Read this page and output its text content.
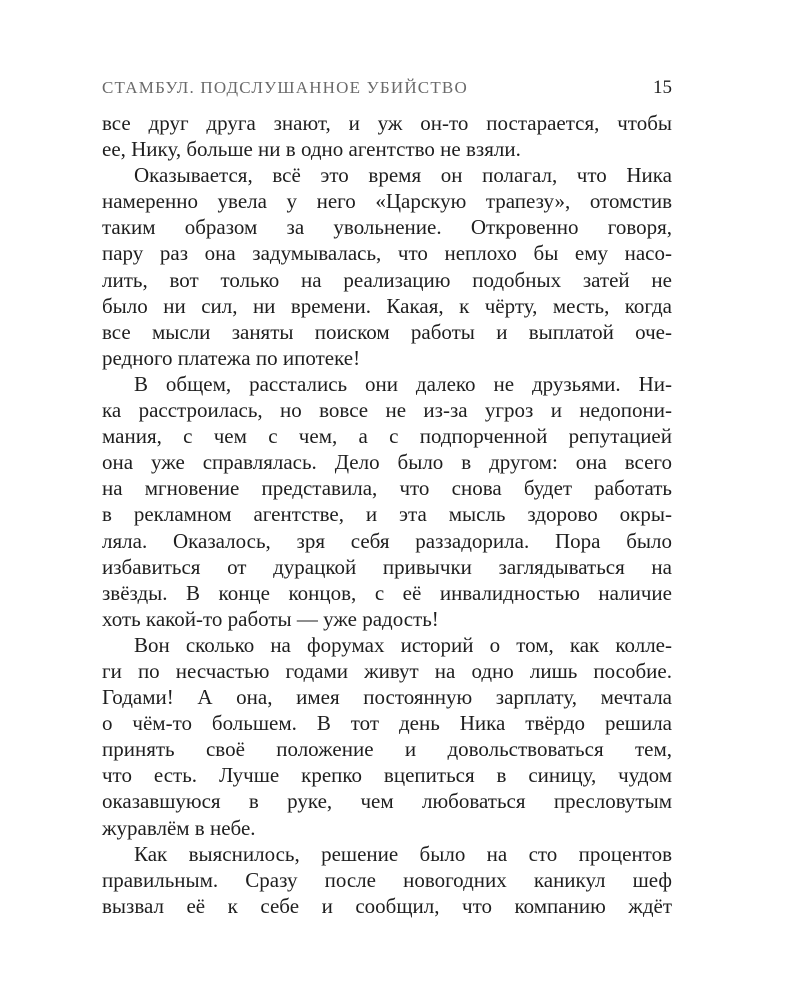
СТАМБУЛ. ПОДСЛУШАННОЕ УБИЙСТВО	15
все друг друга знают, и уж он-то постарается, чтобы
ее, Нику, больше ни в одно агентство не взяли.
Оказывается, всё это время он полагал, что Ника
намеренно увела у него «Царскую трапезу», отомстив
таким образом за увольнение. Откровенно говоря,
пару раз она задумывалась, что неплохо бы ему насо-
лить, вот только на реализацию подобных затей не
было ни сил, ни времени. Какая, к чёрту, месть, когда
все мысли заняты поиском работы и выплатой оче-
редного платежа по ипотеке!
В общем, расстались они далеко не друзьями. Ни-
ка расстроилась, но вовсе не из-за угроз и недопони-
мания, с чем с чем, а с подпорченной репутацией
она уже справлялась. Дело было в другом: она всего
на мгновение представила, что снова будет работать
в рекламном агентстве, и эта мысль здорово окры-
ляла. Оказалось, зря себя раззадорила. Пора было
избавиться от дурацкой привычки заглядываться на
звёзды. В конце концов, с её инвалидностью наличие
хоть какой-то работы — уже радость!
Вон сколько на форумах историй о том, как колле-
ги по несчастью годами живут на одно лишь пособие.
Годами! А она, имея постоянную зарплату, мечтала
о чём-то большем. В тот день Ника твёрдо решила
принять своё положение и довольствоваться тем,
что есть. Лучше крепко вцепиться в синицу, чудом
оказавшуюся в руке, чем любоваться пресловутым
журавлём в небе.
Как выяснилось, решение было на сто процентов
правильным. Сразу после новогодних каникул шеф
вызвал её к себе и сообщил, что компанию ждёт
